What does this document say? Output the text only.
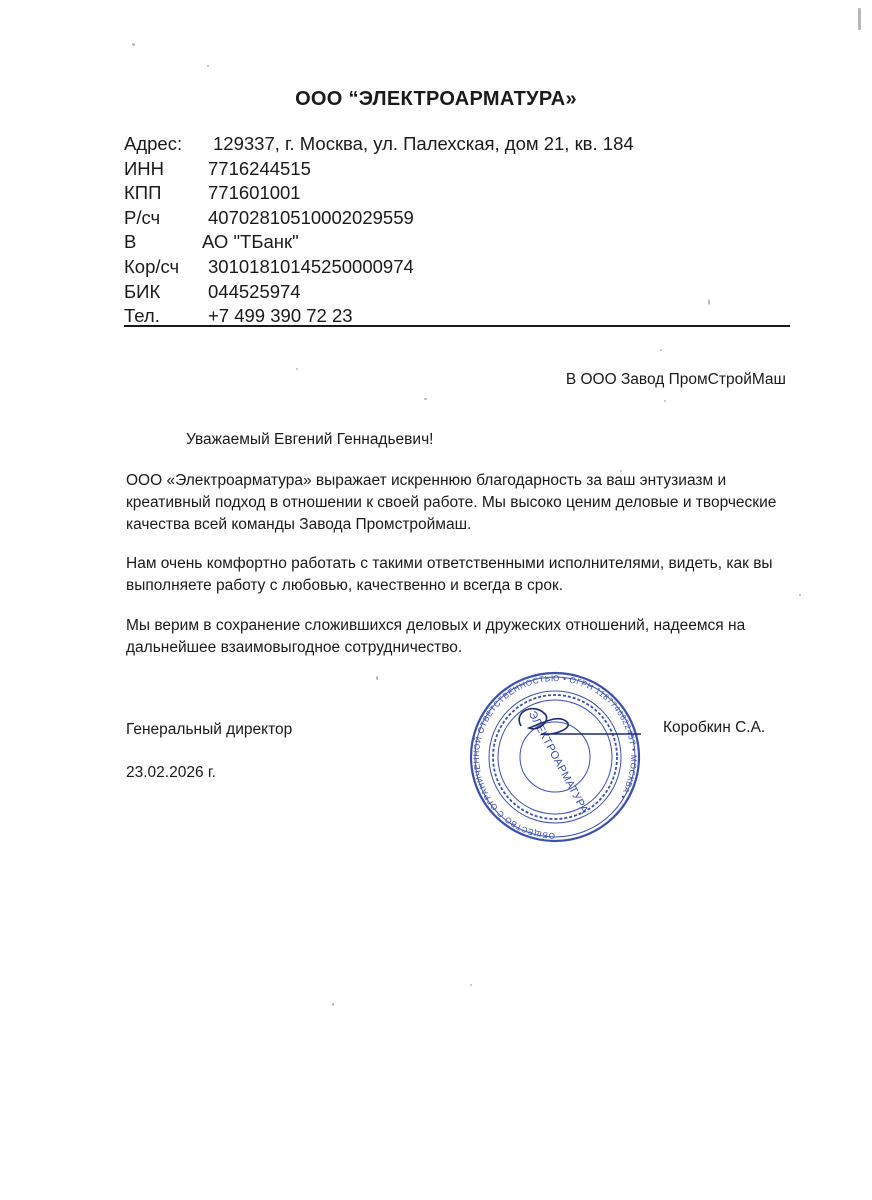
ООО “ЭЛЕКТРОАРМАТУРА»
Адрес: 129337, г. Москва, ул. Палехская, дом 21, кв. 184
ИНН 7716244515
КПП	771601001
Р/сч	40702810510002029559
В	АО "ТБанк"
Кор/сч 30101810145250000974
БИК	044525974
Тел.	+7 499 390 72 23
В ООО Завод ПромСтройМаш
Уважаемый Евгений Геннадьевич!
ООО «Электроарматура» выражает искреннюю благодарность за ваш энтузиазм и креативный подход в отношении к своей работе. Мы высоко ценим деловые и творческие качества всей команды Завода Промстроймаш.
Нам очень комфортно работать с такими ответственными исполнителями, видеть, как вы выполняете работу с любовью, качественно и всегда в срок.
Мы верим в сохранение сложившихся деловых и дружеских отношений, надеемся на дальнейшее взаимовыгодное сотрудничество.
Генеральный директор
23.02.2026 г.
Коробкин С.А.
ОБЩЕСТВО С ОГРАНИЧЕННОЙ ОТВЕТСТВЕННОСТЬЮ • ОГРН 1187746622457 • МОСКВА •
ЭЛЕКТРОАРМАТУРА
